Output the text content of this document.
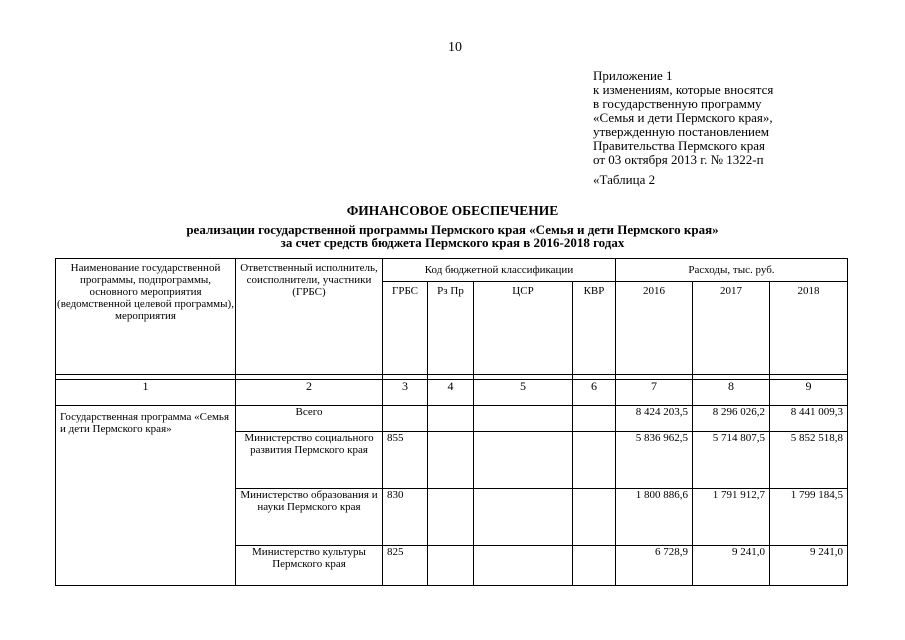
10
Приложение 1
к изменениям, которые вносятся
в государственную программу
«Семья и дети Пермского края»,
утвержденную постановлением
Правительства Пермского края
от 03 октября 2013 г. № 1322-п
«Таблица 2
ФИНАНСОВОЕ ОБЕСПЕЧЕНИЕ
реализации государственной программы Пермского края «Семья и дети Пермского края»
за счет средств бюджета Пермского края в 2016-2018 годах
Наименование государственной программы, подпрограммы, основного мероприятия (ведомственной целевой программы), мероприятия	Ответственный исполнитель, соисполнители, участники (ГРБС)	Код бюджетной классификации				Расходы, тыс. руб.		
		ГРБС	Рз Пр	ЦСР	КВР	2016	2017	2018

1	2	3	4	5	6	7	8	9
Государственная программа «Семья и дети Пермского края»	Всего					8 424 203,5	8 296 026,2	8 441 009,3
	Министерство социального развития Пермского края	855				5 836 962,5	5 714 807,5	5 852 518,8
	Министерство образования и науки Пермского края	830				1 800 886,6	1 791 912,7	1 799 184,5
	Министерство культуры Пермского края	825				6 728,9	9 241,0	9 241,0
